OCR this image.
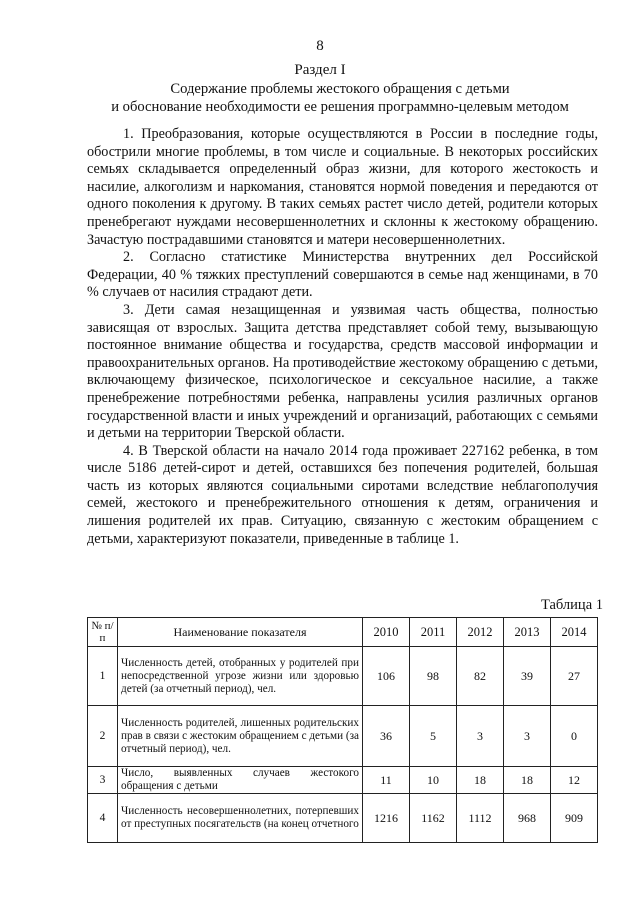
8
Раздел I
Содержание проблемы жестокого обращения с детьми
и обоснование необходимости ее решения программно-целевым методом

1. Преобразования, которые осуществляются в России в последние годы, обострили многие проблемы, в том числе и социальные. В некоторых российских семьях складывается определенный образ жизни, для которого жестокость и насилие, алкоголизм и наркомания, становятся нормой поведения и передаются от одного поколения к другому. В таких семьях растет число детей, родители которых пренебрегают нуждами несовершеннолетних и склонны к жестокому обращению. Зачастую пострадавшими становятся и матери несовершеннолетних.

2. Согласно статистике Министерства внутренних дел Российской Федерации, 40 % тяжких преступлений совершаются в семье над женщинами, в 70 % случаев от насилия страдают дети.

3. Дети самая незащищенная и уязвимая часть общества, полностью зависящая от взрослых. Защита детства представляет собой тему, вызывающую постоянное внимание общества и государства, средств массовой информации и правоохранительных органов. На противодействие жестокому обращению с детьми, включающему физическое, психологическое и сексуальное насилие, а также пренебрежение потребностями ребенка, направлены усилия различных органов государственной власти и иных учреждений и организаций, работающих с семьями и детьми на территории Тверской области.

4. В Тверской области на начало 2014 года проживает 227162 ребенка, в том числе 5186 детей-сирот и детей, оставшихся без попечения родителей, большая часть из которых являются социальными сиротами вследствие неблагополучия семей, жестокого и пренебрежительного отношения к детям, ограничения и лишения родителей их прав. Ситуацию, связанную с жестоким обращением с детьми, характеризуют показатели, приведенные в таблице 1.

Таблица 1
№ п/п	Наименование показателя	2010	2011	2012	2013	2014
1	Численность детей, отобранных у родителей при непосредственной угрозе жизни или здоровью детей (за отчетный период), чел.	106	98	82	39	27
2	Численность родителей, лишенных родительских прав в связи с жестоким обращением с детьми (за отчетный период), чел.	36	5	3	3	0
3	Число, выявленных случаев жестокого обращения с детьми	11	10	18	18	12
4	Численность несовершеннолетних, потерпевших от преступных посягательств (на конец отчетного	1216	1162	1112	968	909
